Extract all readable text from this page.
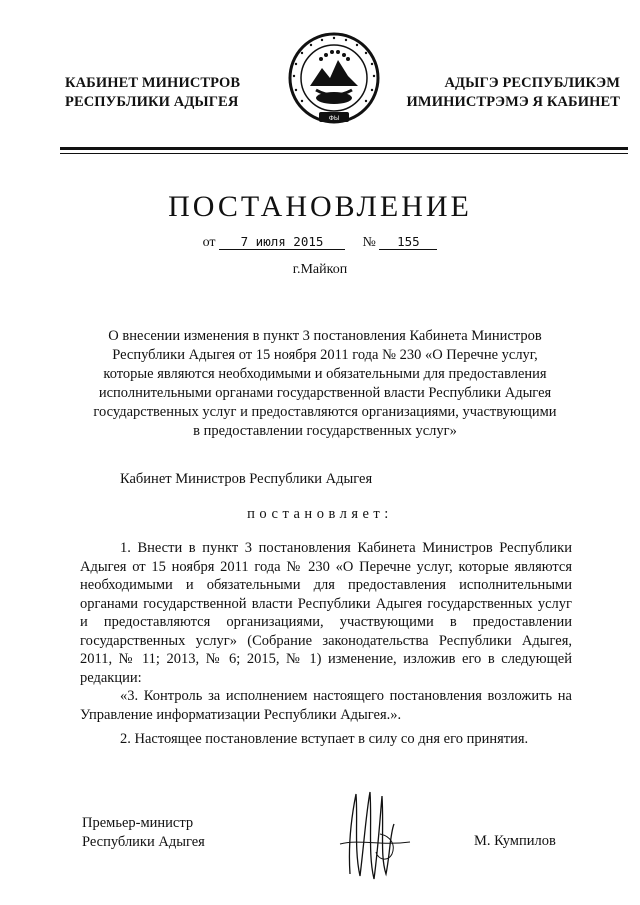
КАБИНЕТ МИНИСТРОВ
РЕСПУБЛИКИ АДЫГЕЯ
ФЫ
АДЫГЭ РЕСПУБЛИКЭМ
ИМИНИСТРЭМЭ Я КАБИНЕТ
ПОСТАНОВЛЕНИЕ
от 7 июля 2015	№ 155
г.Майкоп
О внесении изменения в пункт 3 постановления Кабинета Министров
Республики Адыгея от 15 ноября 2011 года № 230 «О Перечне услуг,
которые являются необходимыми и обязательными для предоставления
исполнительными органами государственной власти Республики Адыгея
государственных услуг и предоставляются организациями, участвующими
в предоставлении государственных услуг»
Кабинет Министров Республики Адыгея
постановляет:
1. Внести в пункт 3 постановления Кабинета Министров Республики Адыгея от 15 ноября 2011 года № 230 «О Перечне услуг, которые являются необходимыми и обязательными для предоставления исполнительными органами государственной власти Республики Адыгея государственных услуг и предоставляются организациями, участвующими в предоставлении государственных услуг» (Собрание законодательства Республики Адыгея, 2011, № 11; 2013, № 6; 2015, № 1) изменение, изложив его в следующей редакции:
«3. Контроль за исполнением настоящего постановления возложить на Управление информатизации Республики Адыгея.».
2. Настоящее постановление вступает в силу со дня его принятия.
Премьер-министр
Республики Адыгея	М. Кумпилов
